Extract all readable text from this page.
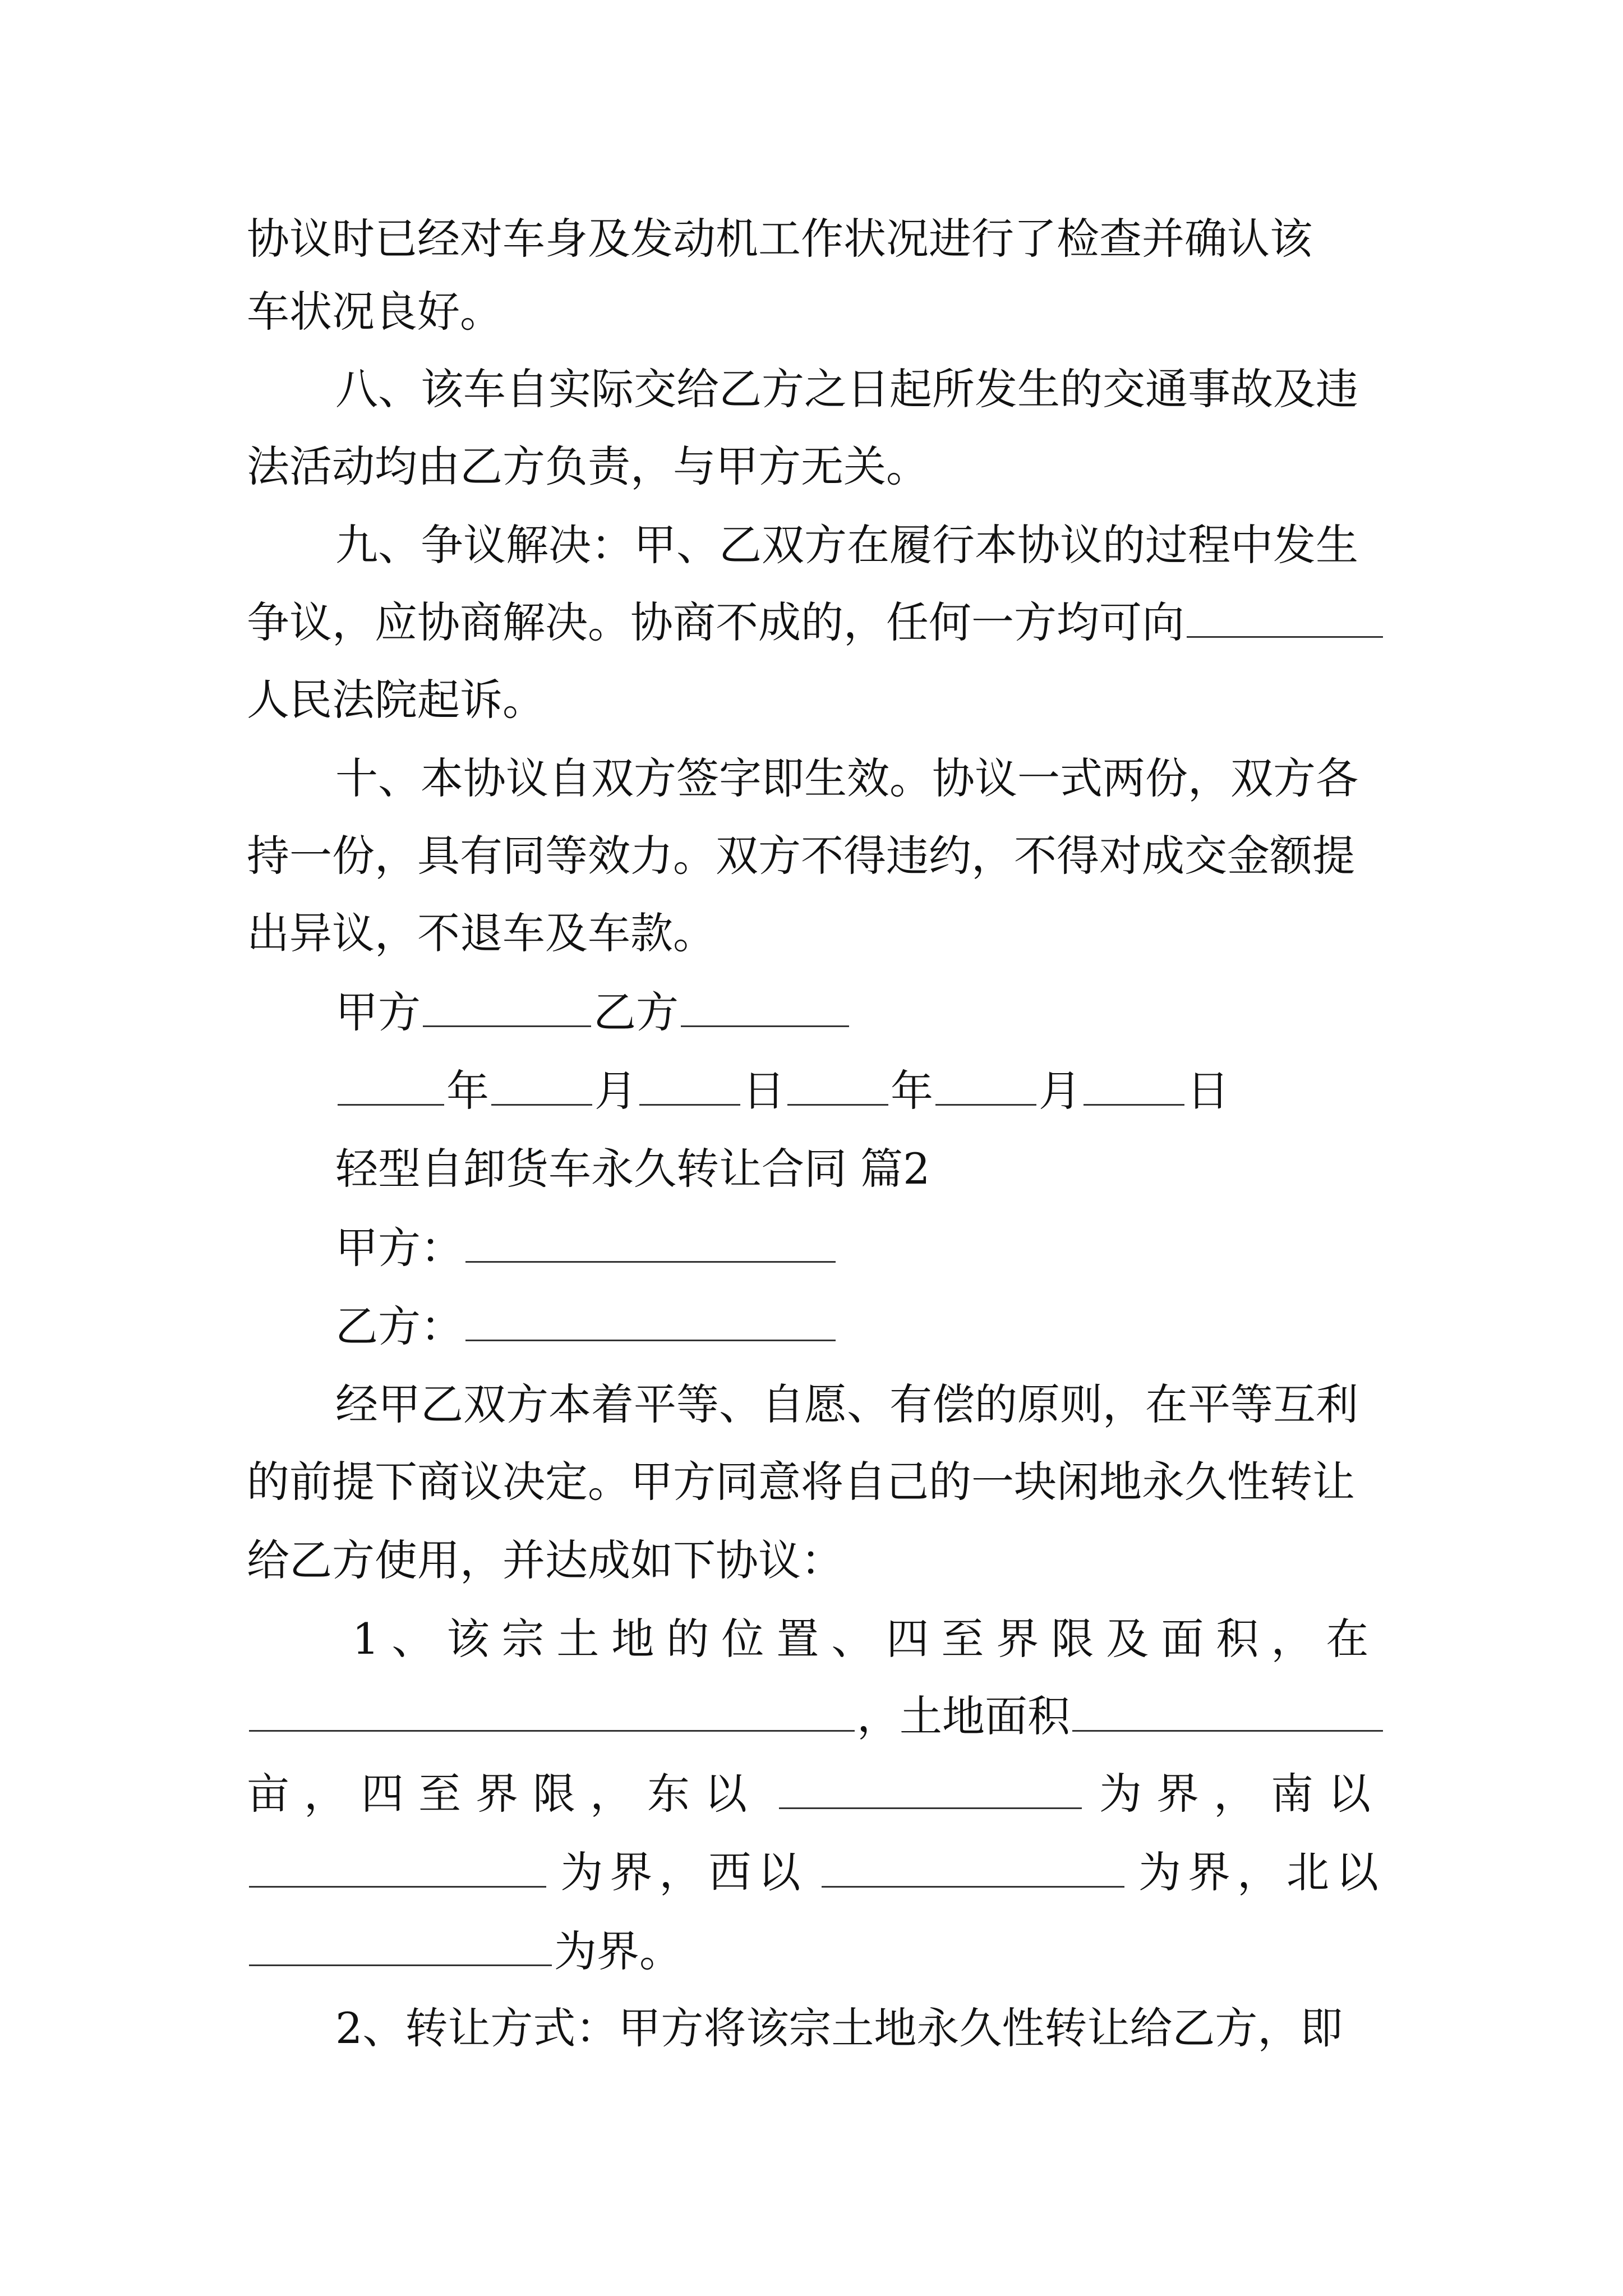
协议时已经对车身及发动机工作状况进行了检查并确认该
车状况良好。
八、该车自实际交给乙方之日起所发生的交通事故及违
法活动均由乙方负责，与甲方无关。
九、争议解决：甲、乙双方在履行本协议的过程中发生
争议，应协商解决。协商不成的，任何一方均可向
人民法院起诉。
十、本协议自双方签字即生效。协议一式两份，双方各
持一份，具有同等效力。双方不得违约，不得对成交金额提
出异议，不退车及车款。
甲方	乙方
年 月 日 年 月 日
轻型自卸货车永久转让合同 篇2
甲方：
乙方：
经甲乙双方本着平等、自愿、有偿的原则，在平等互利
的前提下商议决定。甲方同意将自己的一块闲地永久性转让
给乙方使用，并达成如下协议：
1、该宗土地的位置、四至界限及面积，在
，土地面积
亩，四至界限，东以	为界，南以
为界，西以	为界，北以
为界。
2、转让方式：甲方将该宗土地永久性转让给乙方，即
